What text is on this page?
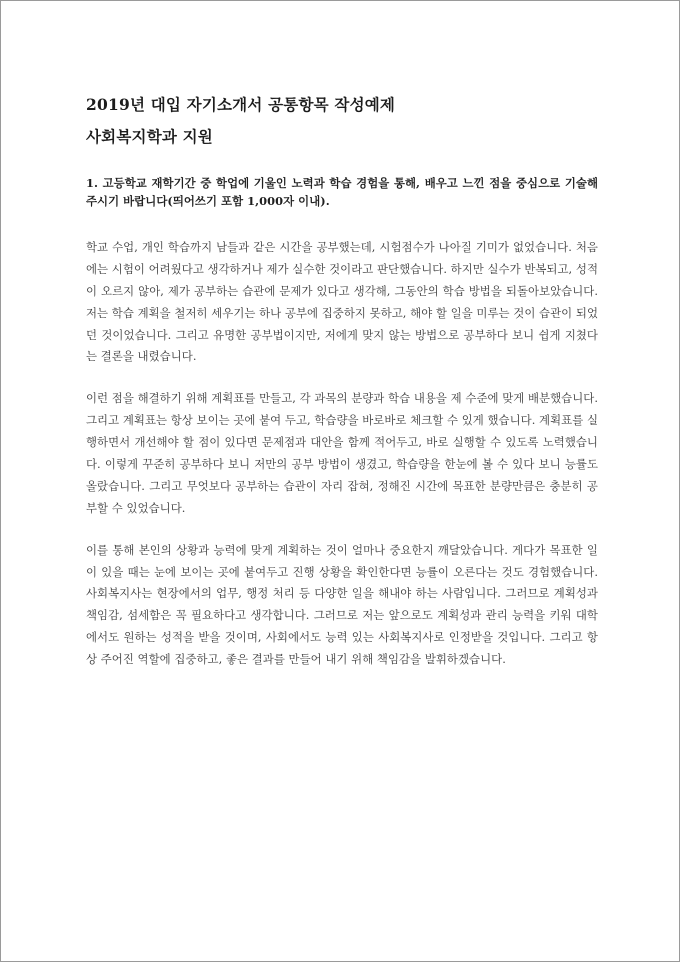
2019년 대입 자기소개서 공통항목 작성예제
사회복지학과 지원

1. 고등학교 재학기간 중 학업에 기울인 노력과 학습 경험을 통해, 배우고 느낀 점을 중심으로 기술해 주시기 바랍니다(띄어쓰기 포함 1,000자 이내).

학교 수업, 개인 학습까지 남들과 같은 시간을 공부했는데, 시험점수가 나아질 기미가 없었습니다. 처음에는 시험이 어려웠다고 생각하거나 제가 실수한 것이라고 판단했습니다. 하지만 실수가 반복되고, 성적이 오르지 않아, 제가 공부하는 습관에 문제가 있다고 생각해, 그동안의 학습 방법을 되돌아보았습니다. 저는 학습 계획을 철저히 세우기는 하나 공부에 집중하지 못하고, 해야 할 일을 미루는 것이 습관이 되었던 것이었습니다. 그리고 유명한 공부법이지만, 저에게 맞지 않는 방법으로 공부하다 보니 쉽게 지쳤다는 결론을 내렸습니다.

이런 점을 해결하기 위해 계획표를 만들고, 각 과목의 분량과 학습 내용을 제 수준에 맞게 배분했습니다. 그리고 계획표는 항상 보이는 곳에 붙여 두고, 학습량을 바로바로 체크할 수 있게 했습니다. 계획표를 실행하면서 개선해야 할 점이 있다면 문제점과 대안을 함께 적어두고, 바로 실행할 수 있도록 노력했습니다. 이렇게 꾸준히 공부하다 보니 저만의 공부 방법이 생겼고, 학습량을 한눈에 볼 수 있다 보니 능률도 올랐습니다. 그리고 무엇보다 공부하는 습관이 자리 잡혀, 정해진 시간에 목표한 분량만큼은 충분히 공부할 수 있었습니다.

이를 통해 본인의 상황과 능력에 맞게 계획하는 것이 얼마나 중요한지 깨달았습니다. 게다가 목표한 일이 있을 때는 눈에 보이는 곳에 붙여두고 진행 상황을 확인한다면 능률이 오른다는 것도 경험했습니다. 사회복지사는 현장에서의 업무, 행정 처리 등 다양한 일을 해내야 하는 사람입니다. 그러므로 계획성과 책임감, 섬세함은 꼭 필요하다고 생각합니다. 그러므로 저는 앞으로도 계획성과 관리 능력을 키워 대학에서도 원하는 성적을 받을 것이며, 사회에서도 능력 있는 사회복지사로 인정받을 것입니다. 그리고 항상 주어진 역할에 집중하고, 좋은 결과를 만들어 내기 위해 책임감을 발휘하겠습니다.
